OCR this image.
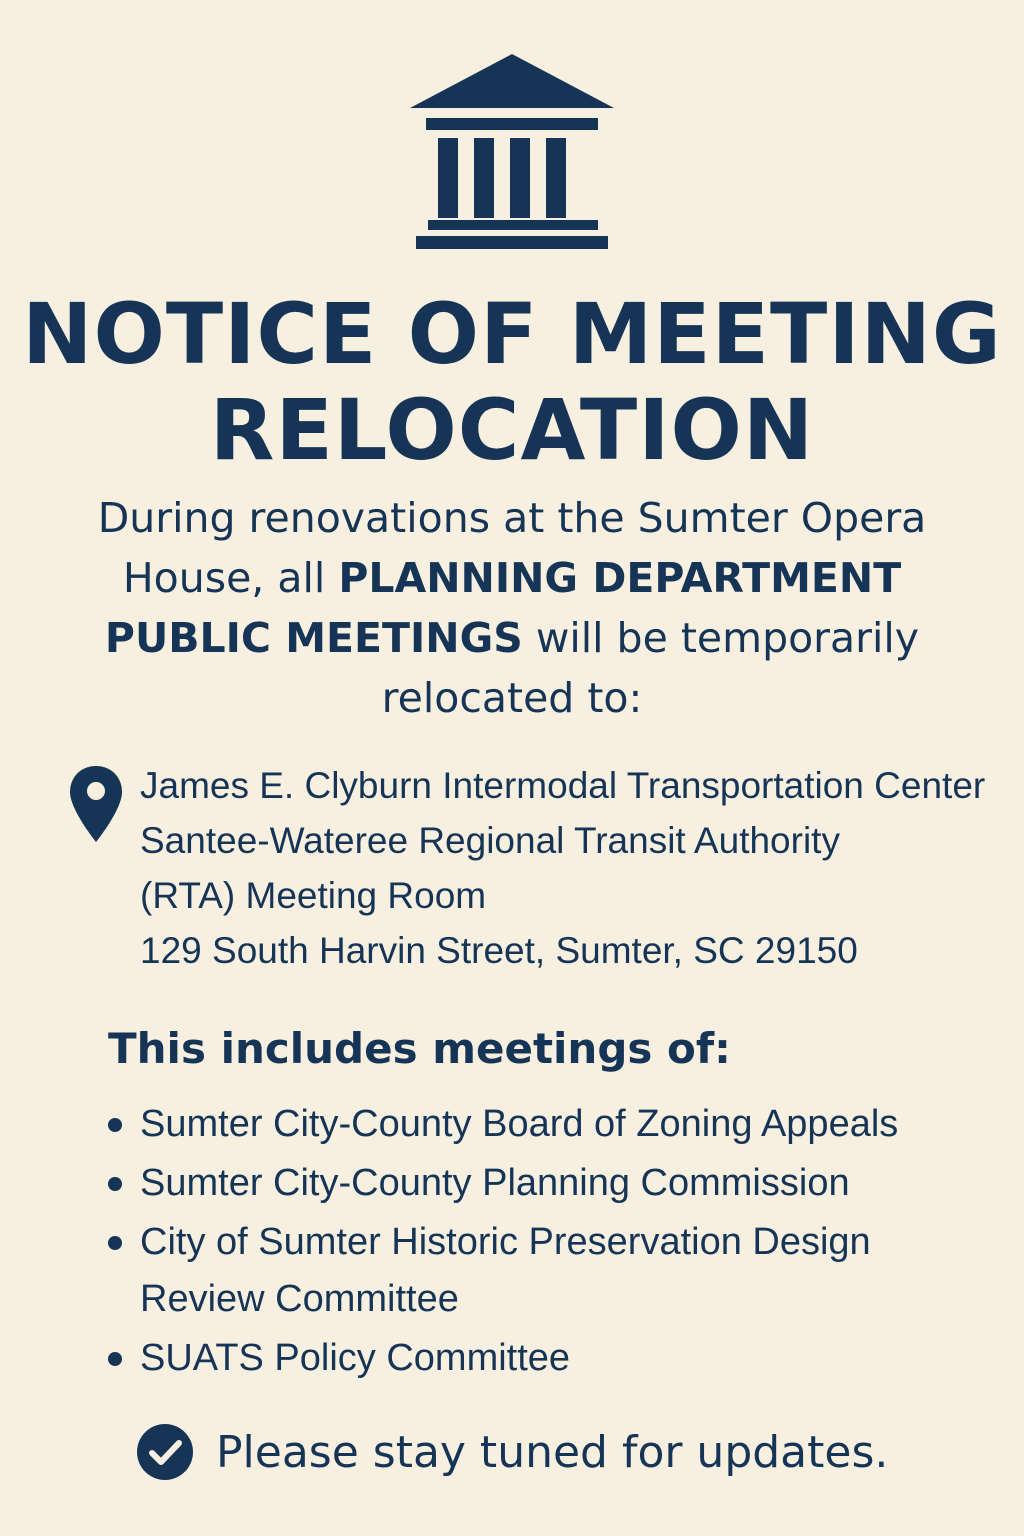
NOTICE OF MEETING
RELOCATION

During renovations at the Sumter Opera House, all PLANNING DEPARTMENT PUBLIC MEETINGS will be temporarily relocated to:

James E. Clyburn Intermodal Transportation Center
Santee-Wateree Regional Transit Authority
(RTA) Meeting Room
129 South Harvin Street, Sumter, SC 29150
This includes meetings of:
Sumter City-County Board of Zoning Appeals
Sumter City-County Planning Commission
City of Sumter Historic Preservation Design Review Committee
SUATS Policy Committee
Please stay tuned for updates.
